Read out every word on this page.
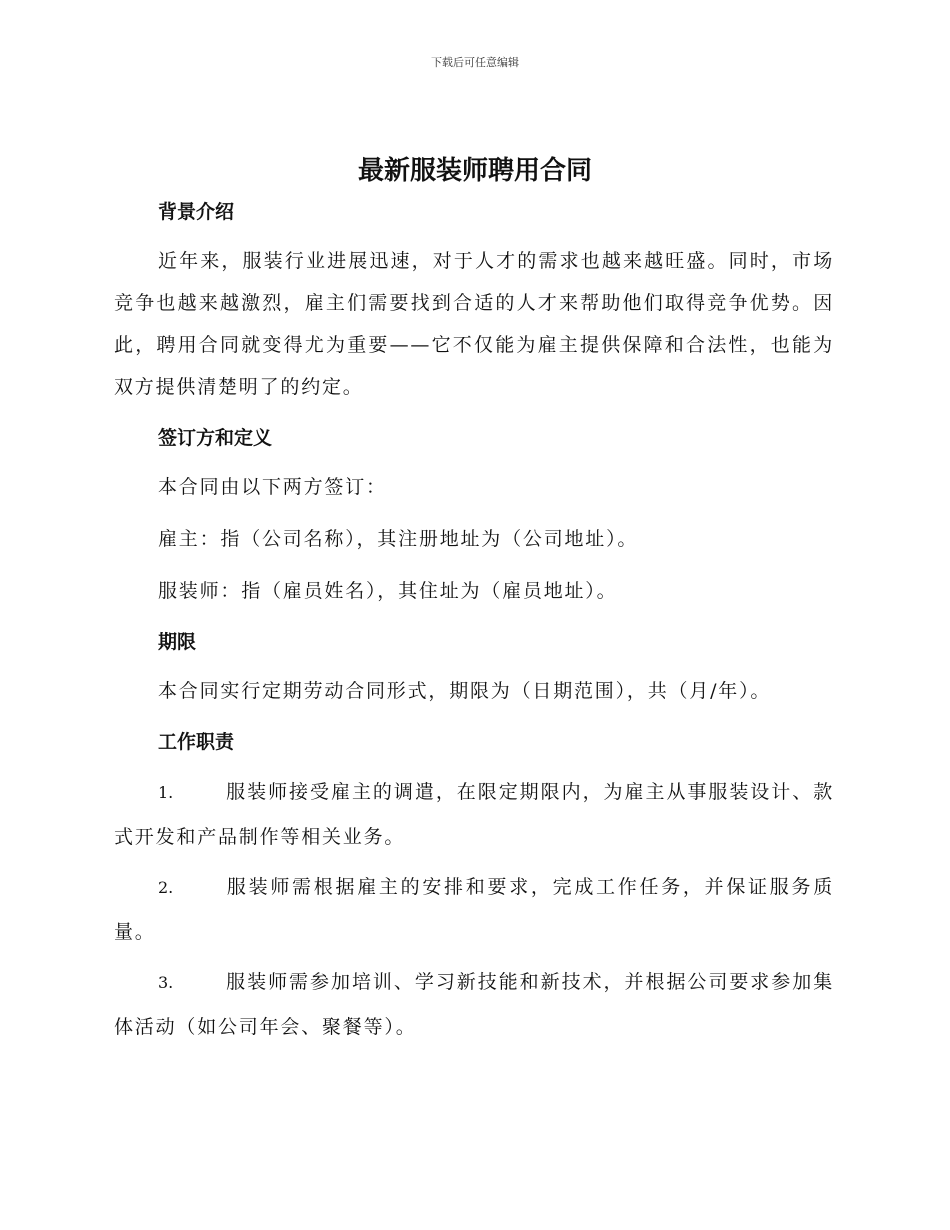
下载后可任意编辑
最新服装师聘用合同
背景介绍

近年来，服装行业进展迅速，对于人才的需求也越来越旺盛。同时，市场竞争也越来越激烈，雇主们需要找到合适的人才来帮助他们取得竞争优势。因此，聘用合同就变得尤为重要——它不仅能为雇主提供保障和合法性，也能为双方提供清楚明了的约定。

签订方和定义

本合同由以下两方签订：

雇主：指（公司名称），其注册地址为（公司地址）。

服装师：指（雇员姓名），其住址为（雇员地址）。

期限

本合同实行定期劳动合同形式，期限为（日期范围），共（月/年）。

工作职责

1.	服装师接受雇主的调遣，在限定期限内，为雇主从事服装设计、款式开发和产品制作等相关业务。

2.	服装师需根据雇主的安排和要求，完成工作任务，并保证服务质量。

3.	服装师需参加培训、学习新技能和新技术，并根据公司要求参加集体活动（如公司年会、聚餐等）。
